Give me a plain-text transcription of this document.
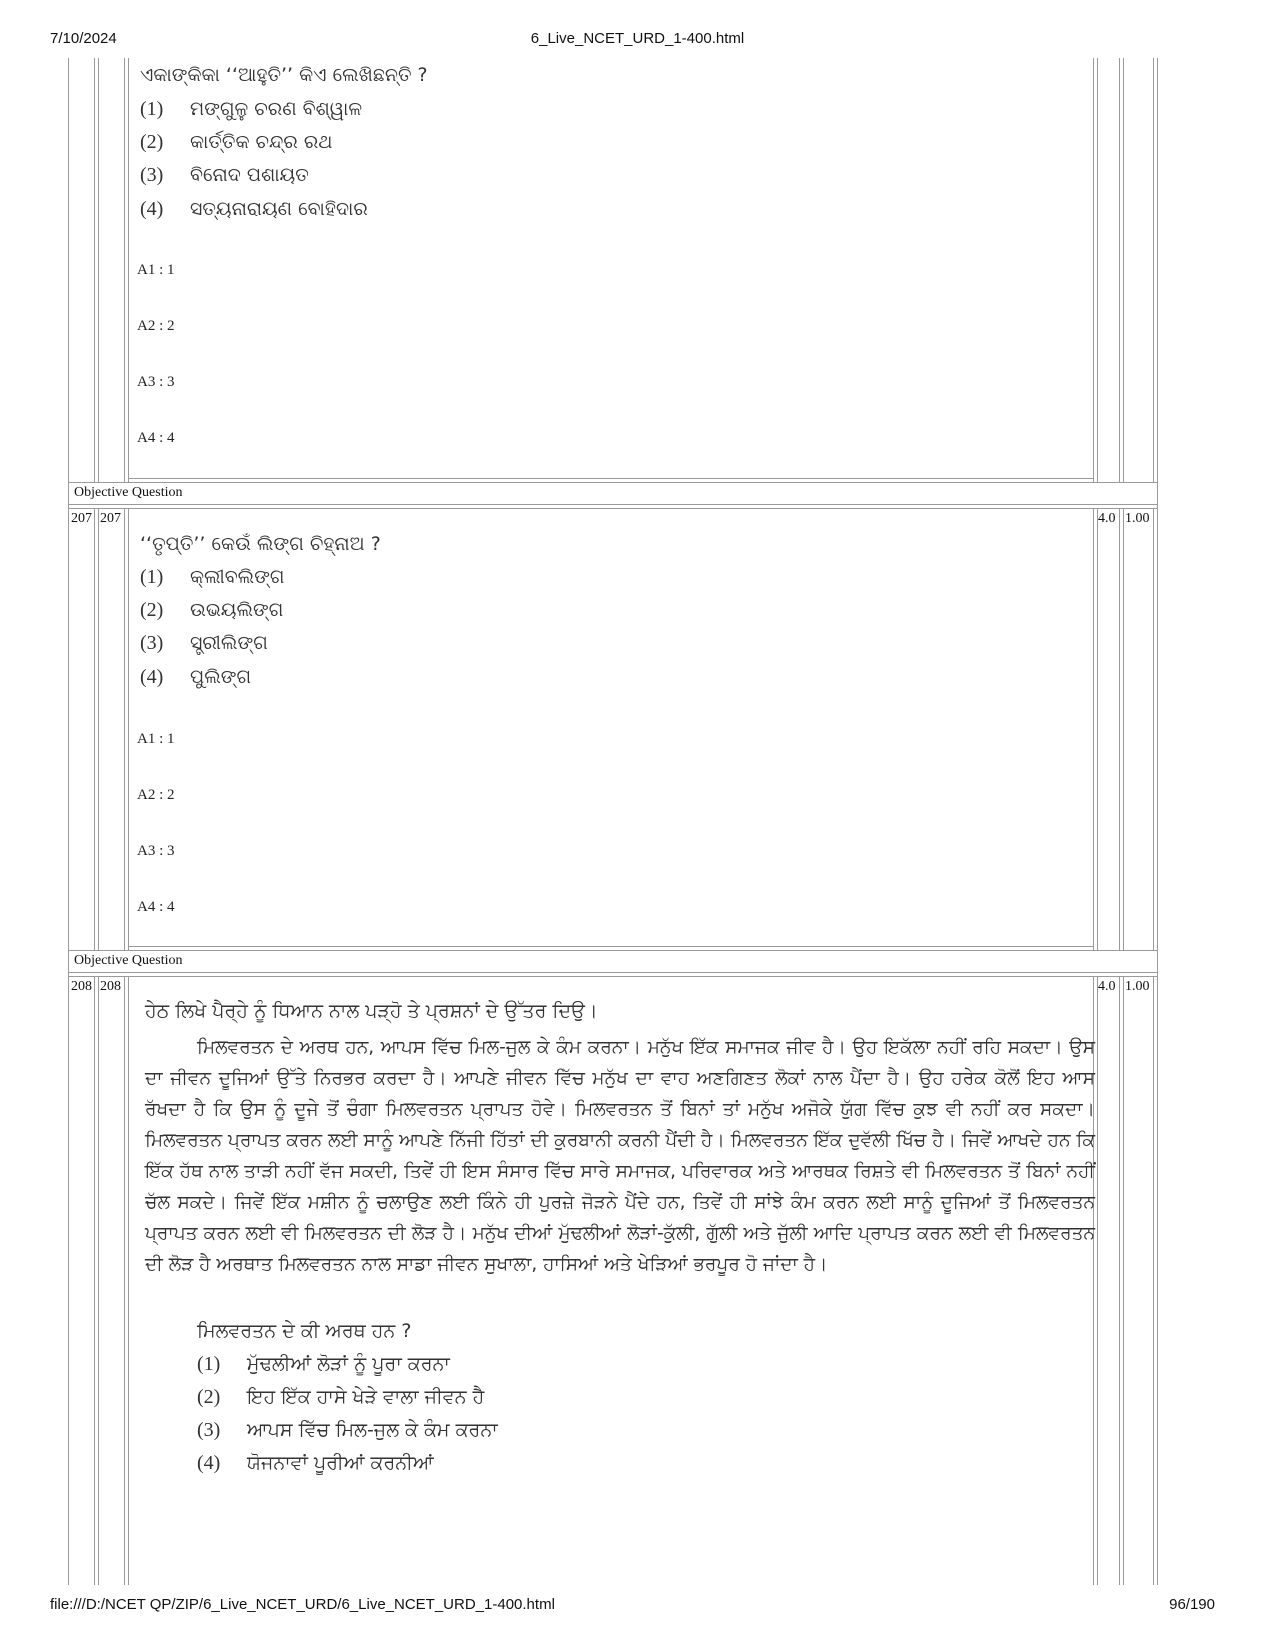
7/10/2024	6_Live_NCET_URD_1-400.html
Objective Question
Objective Question
ଏକାଙ୍କିକା ‘‘ଆହୁତି’’ କିଏ ଲେଖିଛନ୍ତି ?
(1) ମଙ୍ଗୁଳୁ ଚରଣ ବିଶ୍ୱାଳ
(2) କାର୍ତ୍ତିକ ଚନ୍ଦ୍ର ରଥ
(3) ବିନୋଦ ପଶାୟତ
(4) ସତ୍ୟନାରାୟଣ ବୋହିଦାର
A1 : 1
A2 : 2
A3 : 3
A4 : 4
207 207	4.0 1.00
‘‘ତୃପ୍ତି’’ କେଉଁ ଲିଙ୍ଗ ଚିହ୍ନାଅ ?
(1) କ୍ଲୀବଲିଙ୍ଗ
(2) ଉଭୟଲିଙ୍ଗ
(3) ସ୍ତ୍ରୀଲିଙ୍ଗ
(4) ପୁଲିଙ୍ଗ
A1 : 1
A2 : 2
A3 : 3
A4 : 4
208 208	4.0 1.00
ਹੇਠ ਲਿਖੇ ਪੈਰ੍ਹੇ ਨੂੰ ਧਿਆਨ ਨਾਲ ਪੜ੍ਹੋ ਤੇ ਪ੍ਰਸ਼ਨਾਂ ਦੇ ਉੱਤਰ ਦਿਉ।

ਮਿਲਵਰਤਨ ਦੇ ਅਰਥ ਹਨ, ਆਪਸ ਵਿੱਚ ਮਿਲ-ਜੁਲ ਕੇ ਕੰਮ ਕਰਨਾ। ਮਨੁੱਖ ਇੱਕ ਸਮਾਜਕ ਜੀਵ ਹੈ। ਉਹ ਇਕੱਲਾ ਨਹੀਂ ਰਹਿ ਸਕਦਾ। ਉਸ ਦਾ ਜੀਵਨ ਦੂਜਿਆਂ ਉੱਤੇ ਨਿਰਭਰ ਕਰਦਾ ਹੈ। ਆਪਣੇ ਜੀਵਨ ਵਿੱਚ ਮਨੁੱਖ ਦਾ ਵਾਹ ਅਣਗਿਣਤ ਲੋਕਾਂ ਨਾਲ ਪੈਂਦਾ ਹੈ। ਉਹ ਹਰੇਕ ਕੋਲੋਂ ਇਹ ਆਸ ਰੱਖਦਾ ਹੈ ਕਿ ਉਸ ਨੂੰ ਦੂਜੇ ਤੋਂ ਚੰਗਾ ਮਿਲਵਰਤਨ ਪ੍ਰਾਪਤ ਹੋਵੇ। ਮਿਲਵਰਤਨ ਤੋਂ ਬਿਨਾਂ ਤਾਂ ਮਨੁੱਖ ਅਜੋਕੇ ਯੁੱਗ ਵਿੱਚ ਕੁਝ ਵੀ ਨਹੀਂ ਕਰ ਸਕਦਾ। ਮਿਲਵਰਤਨ ਪ੍ਰਾਪਤ ਕਰਨ ਲਈ ਸਾਨੂੰ ਆਪਣੇ ਨਿੱਜੀ ਹਿੱਤਾਂ ਦੀ ਕੁਰਬਾਨੀ ਕਰਨੀ ਪੈਂਦੀ ਹੈ। ਮਿਲਵਰਤਨ ਇੱਕ ਦੁਵੱਲੀ ਖਿੱਚ ਹੈ। ਜਿਵੇਂ ਆਖਦੇ ਹਨ ਕਿ ਇੱਕ ਹੱਥ ਨਾਲ ਤਾੜੀ ਨਹੀਂ ਵੱਜ ਸਕਦੀ, ਤਿਵੇਂ ਹੀ ਇਸ ਸੰਸਾਰ ਵਿੱਚ ਸਾਰੇ ਸਮਾਜਕ, ਪਰਿਵਾਰਕ ਅਤੇ ਆਰਥਕ ਰਿਸ਼ਤੇ ਵੀ ਮਿਲਵਰਤਨ ਤੋਂ ਬਿਨਾਂ ਨਹੀਂ ਚੱਲ ਸਕਦੇ। ਜਿਵੇਂ ਇੱਕ ਮਸ਼ੀਨ ਨੂੰ ਚਲਾਉਣ ਲਈ ਕਿੰਨੇ ਹੀ ਪੁਰਜ਼ੇ ਜੋੜਨੇ ਪੈਂਦੇ ਹਨ, ਤਿਵੇਂ ਹੀ ਸਾਂਝੇ ਕੰਮ ਕਰਨ ਲਈ ਸਾਨੂੰ ਦੂਜਿਆਂ ਤੋਂ ਮਿਲਵਰਤਨ ਪ੍ਰਾਪਤ ਕਰਨ ਲਈ ਵੀ ਮਿਲਵਰਤਨ ਦੀ ਲੋੜ ਹੈ। ਮਨੁੱਖ ਦੀਆਂ ਮੁੱਢਲੀਆਂ ਲੋੜਾਂ-ਕੁੱਲੀ, ਗੁੱਲੀ ਅਤੇ ਜੁੱਲੀ ਆਦਿ ਪ੍ਰਾਪਤ ਕਰਨ ਲਈ ਵੀ ਮਿਲਵਰਤਨ ਦੀ ਲੋੜ ਹੈ ਅਰਥਾਤ ਮਿਲਵਰਤਨ ਨਾਲ ਸਾਡਾ ਜੀਵਨ ਸੁਖਾਲਾ, ਹਾਸਿਆਂ ਅਤੇ ਖੇੜਿਆਂ ਭਰਪੂਰ ਹੋ ਜਾਂਦਾ ਹੈ।

ਮਿਲਵਰਤਨ ਦੇ ਕੀ ਅਰਥ ਹਨ ?
(1) ਮੁੱਢਲੀਆਂ ਲੋੜਾਂ ਨੂੰ ਪੂਰਾ ਕਰਨਾ
(2) ਇਹ ਇੱਕ ਹਾਸੇ ਖੇੜੇ ਵਾਲਾ ਜੀਵਨ ਹੈ
(3) ਆਪਸ ਵਿੱਚ ਮਿਲ-ਜੁਲ ਕੇ ਕੰਮ ਕਰਨਾ
(4) ਯੋਜਨਾਵਾਂ ਪੂਰੀਆਂ ਕਰਨੀਆਂ
file:///D:/NCET QP/ZIP/6_Live_NCET_URD/6_Live_NCET_URD_1-400.html	96/190
